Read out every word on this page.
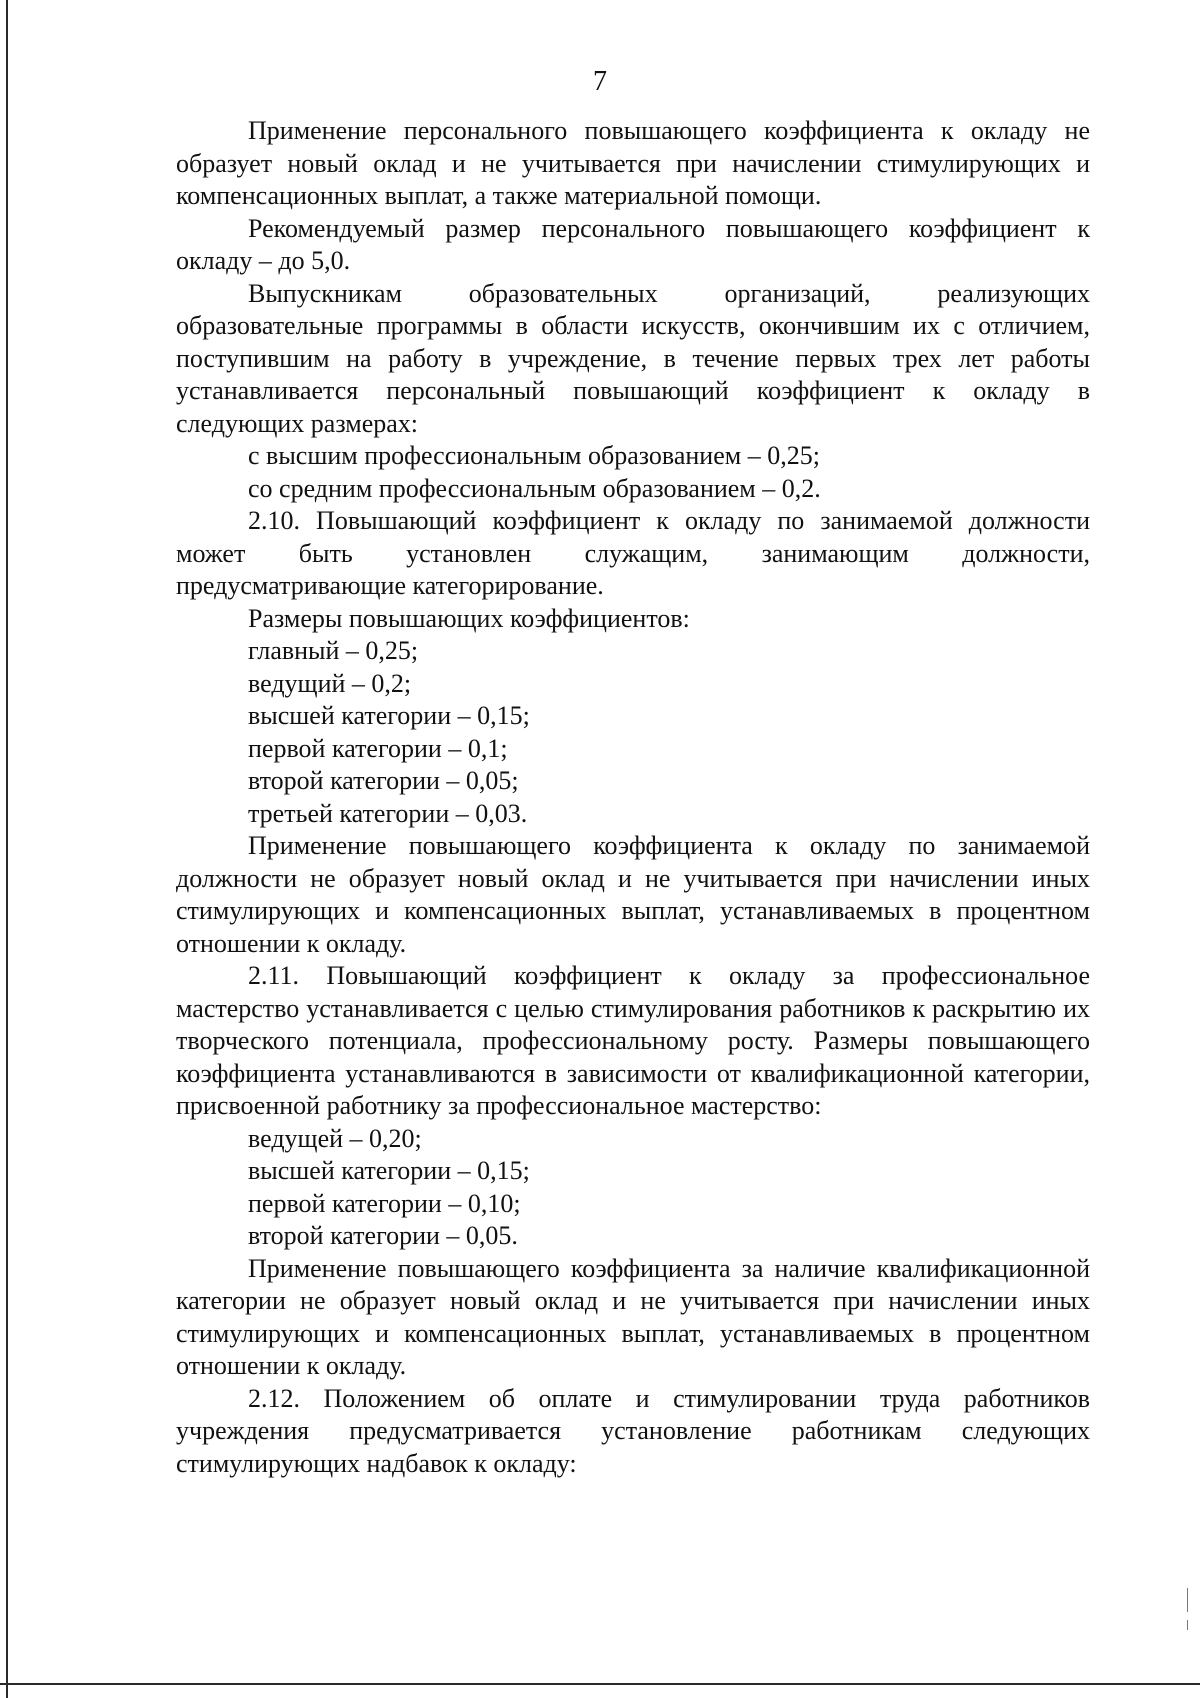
7

Применение персонального повышающего коэффициента к окладу не образует новый оклад и не учитывается при начислении стимулирующих и компенсационных выплат, а также материальной помощи.

Рекомендуемый размер персонального повышающего коэффициент к окладу – до 5,0.

Выпускникам образовательных организаций, реализующих образовательные программы в области искусств, окончившим их с отличием, поступившим на работу в учреждение, в течение первых трех лет работы устанавливается персональный повышающий коэффициент к окладу в следующих размерах:

с высшим профессиональным образованием – 0,25;

со средним профессиональным образованием – 0,2.

2.10. Повышающий коэффициент к окладу по занимаемой должности может быть установлен служащим, занимающим должности, предусматривающие категорирование.

Размеры повышающих коэффициентов:

главный – 0,25;

ведущий – 0,2;

высшей категории – 0,15;

первой категории – 0,1;

второй категории – 0,05;

третьей категории – 0,03.

Применение повышающего коэффициента к окладу по занимаемой должности не образует новый оклад и не учитывается при начислении иных стимулирующих и компенсационных выплат, устанавливаемых в процентном отношении к окладу.

2.11. Повышающий коэффициент к окладу за профессиональное мастерство устанавливается с целью стимулирования работников к раскрытию их творческого потенциала, профессиональному росту. Размеры повышающего коэффициента устанавливаются в зависимости от квалификационной категории, присвоенной работнику за профессиональное мастерство:

ведущей – 0,20;

высшей категории – 0,15;

первой категории – 0,10;

второй категории – 0,05.

Применение повышающего коэффициента за наличие квалификационной категории не образует новый оклад и не учитывается при начислении иных стимулирующих и компенсационных выплат, устанавливаемых в процентном отношении к окладу.

2.12. Положением об оплате и стимулировании труда работников учреждения предусматривается установление работникам следующих стимулирующих надбавок к окладу:
